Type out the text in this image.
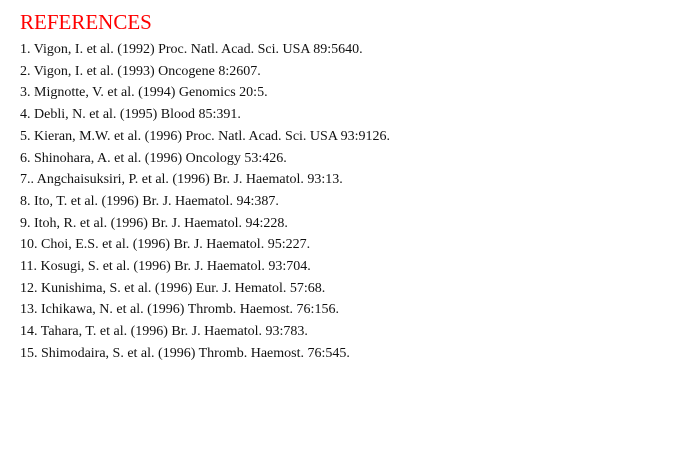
REFERENCES
1. Vigon, I. et al. (1992) Proc. Natl. Acad. Sci. USA 89:5640.
2. Vigon, I. et al. (1993) Oncogene 8:2607.
3. Mignotte, V. et al. (1994) Genomics 20:5.
4. Debli, N. et al. (1995) Blood 85:391.
5. Kieran, M.W. et al. (1996) Proc. Natl. Acad. Sci. USA 93:9126.
6. Shinohara, A. et al. (1996) Oncology 53:426.
7.. Angchaisuksiri, P. et al. (1996) Br. J. Haematol. 93:13.
8. Ito, T. et al. (1996) Br. J. Haematol. 94:387.
9. Itoh, R. et al. (1996) Br. J. Haematol. 94:228.
10. Choi, E.S. et al. (1996) Br. J. Haematol. 95:227.
11. Kosugi, S. et al. (1996) Br. J. Haematol. 93:704.
12. Kunishima, S. et al. (1996) Eur. J. Hematol. 57:68.
13. Ichikawa, N. et al. (1996) Thromb. Haemost. 76:156.
14. Tahara, T. et al. (1996) Br. J. Haematol. 93:783.
15. Shimodaira, S. et al. (1996) Thromb. Haemost. 76:545.
